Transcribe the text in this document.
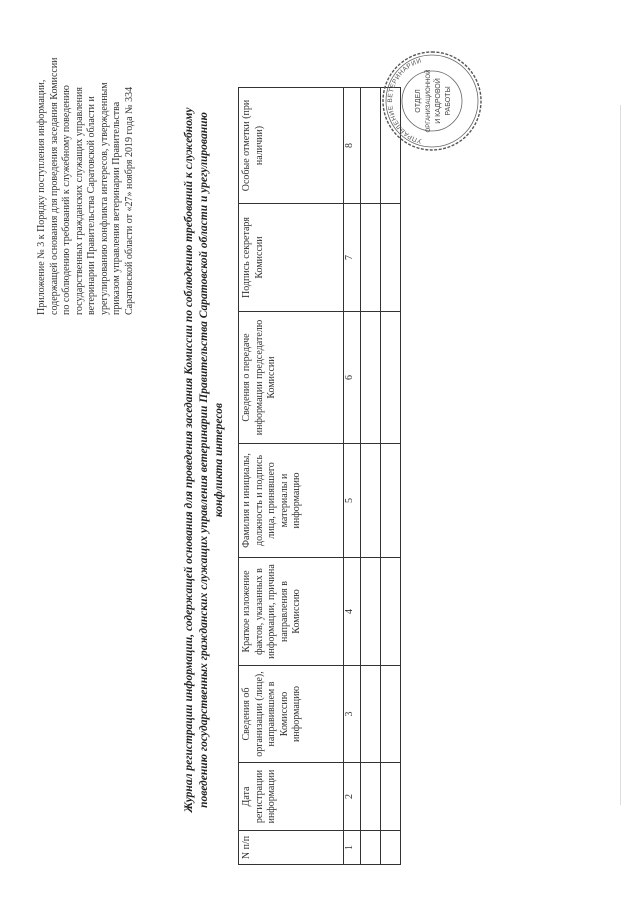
Приложение № 3 к Порядку поступления информации, содержащей основания для проведения заседания Комиссии по соблюдению требований к служебному поведению государственных гражданских служащих управления ветеринарии Правительства Саратовской области и урегулированию конфликта интересов, утвержденным приказом управления ветеринарии Правительства Саратовской области от «27» ноября 2019 года № 334	Журнал регистрации информации, содержащей основания для проведения заседания Комиссии по соблюдению требований к служебному поведению государственных гражданских служащих управления ветеринарии Правительства Саратовской области и урегулированию конфликта интересов
N п/п	Дата регистрации информации	Сведения об организации (лице), направившем в Комиссию информацию	Краткое изложение фактов, указанных в информации, причина направления в Комиссию	Фамилия и инициалы, должность и подпись лица, принявшего материалы и информацию	Сведения о передаче информации председателю Комиссии	Подпись секретаря Комиссии	Особые отметки (при наличии)
1	2	3	4	5	6	7	8

УПРАВЛЕНИЕ ВЕТЕРИНАРИИ
ОТДЕЛ ОРГАНИЗАЦИОННОЙ И КАДРОВОЙ РАБОТЫ
